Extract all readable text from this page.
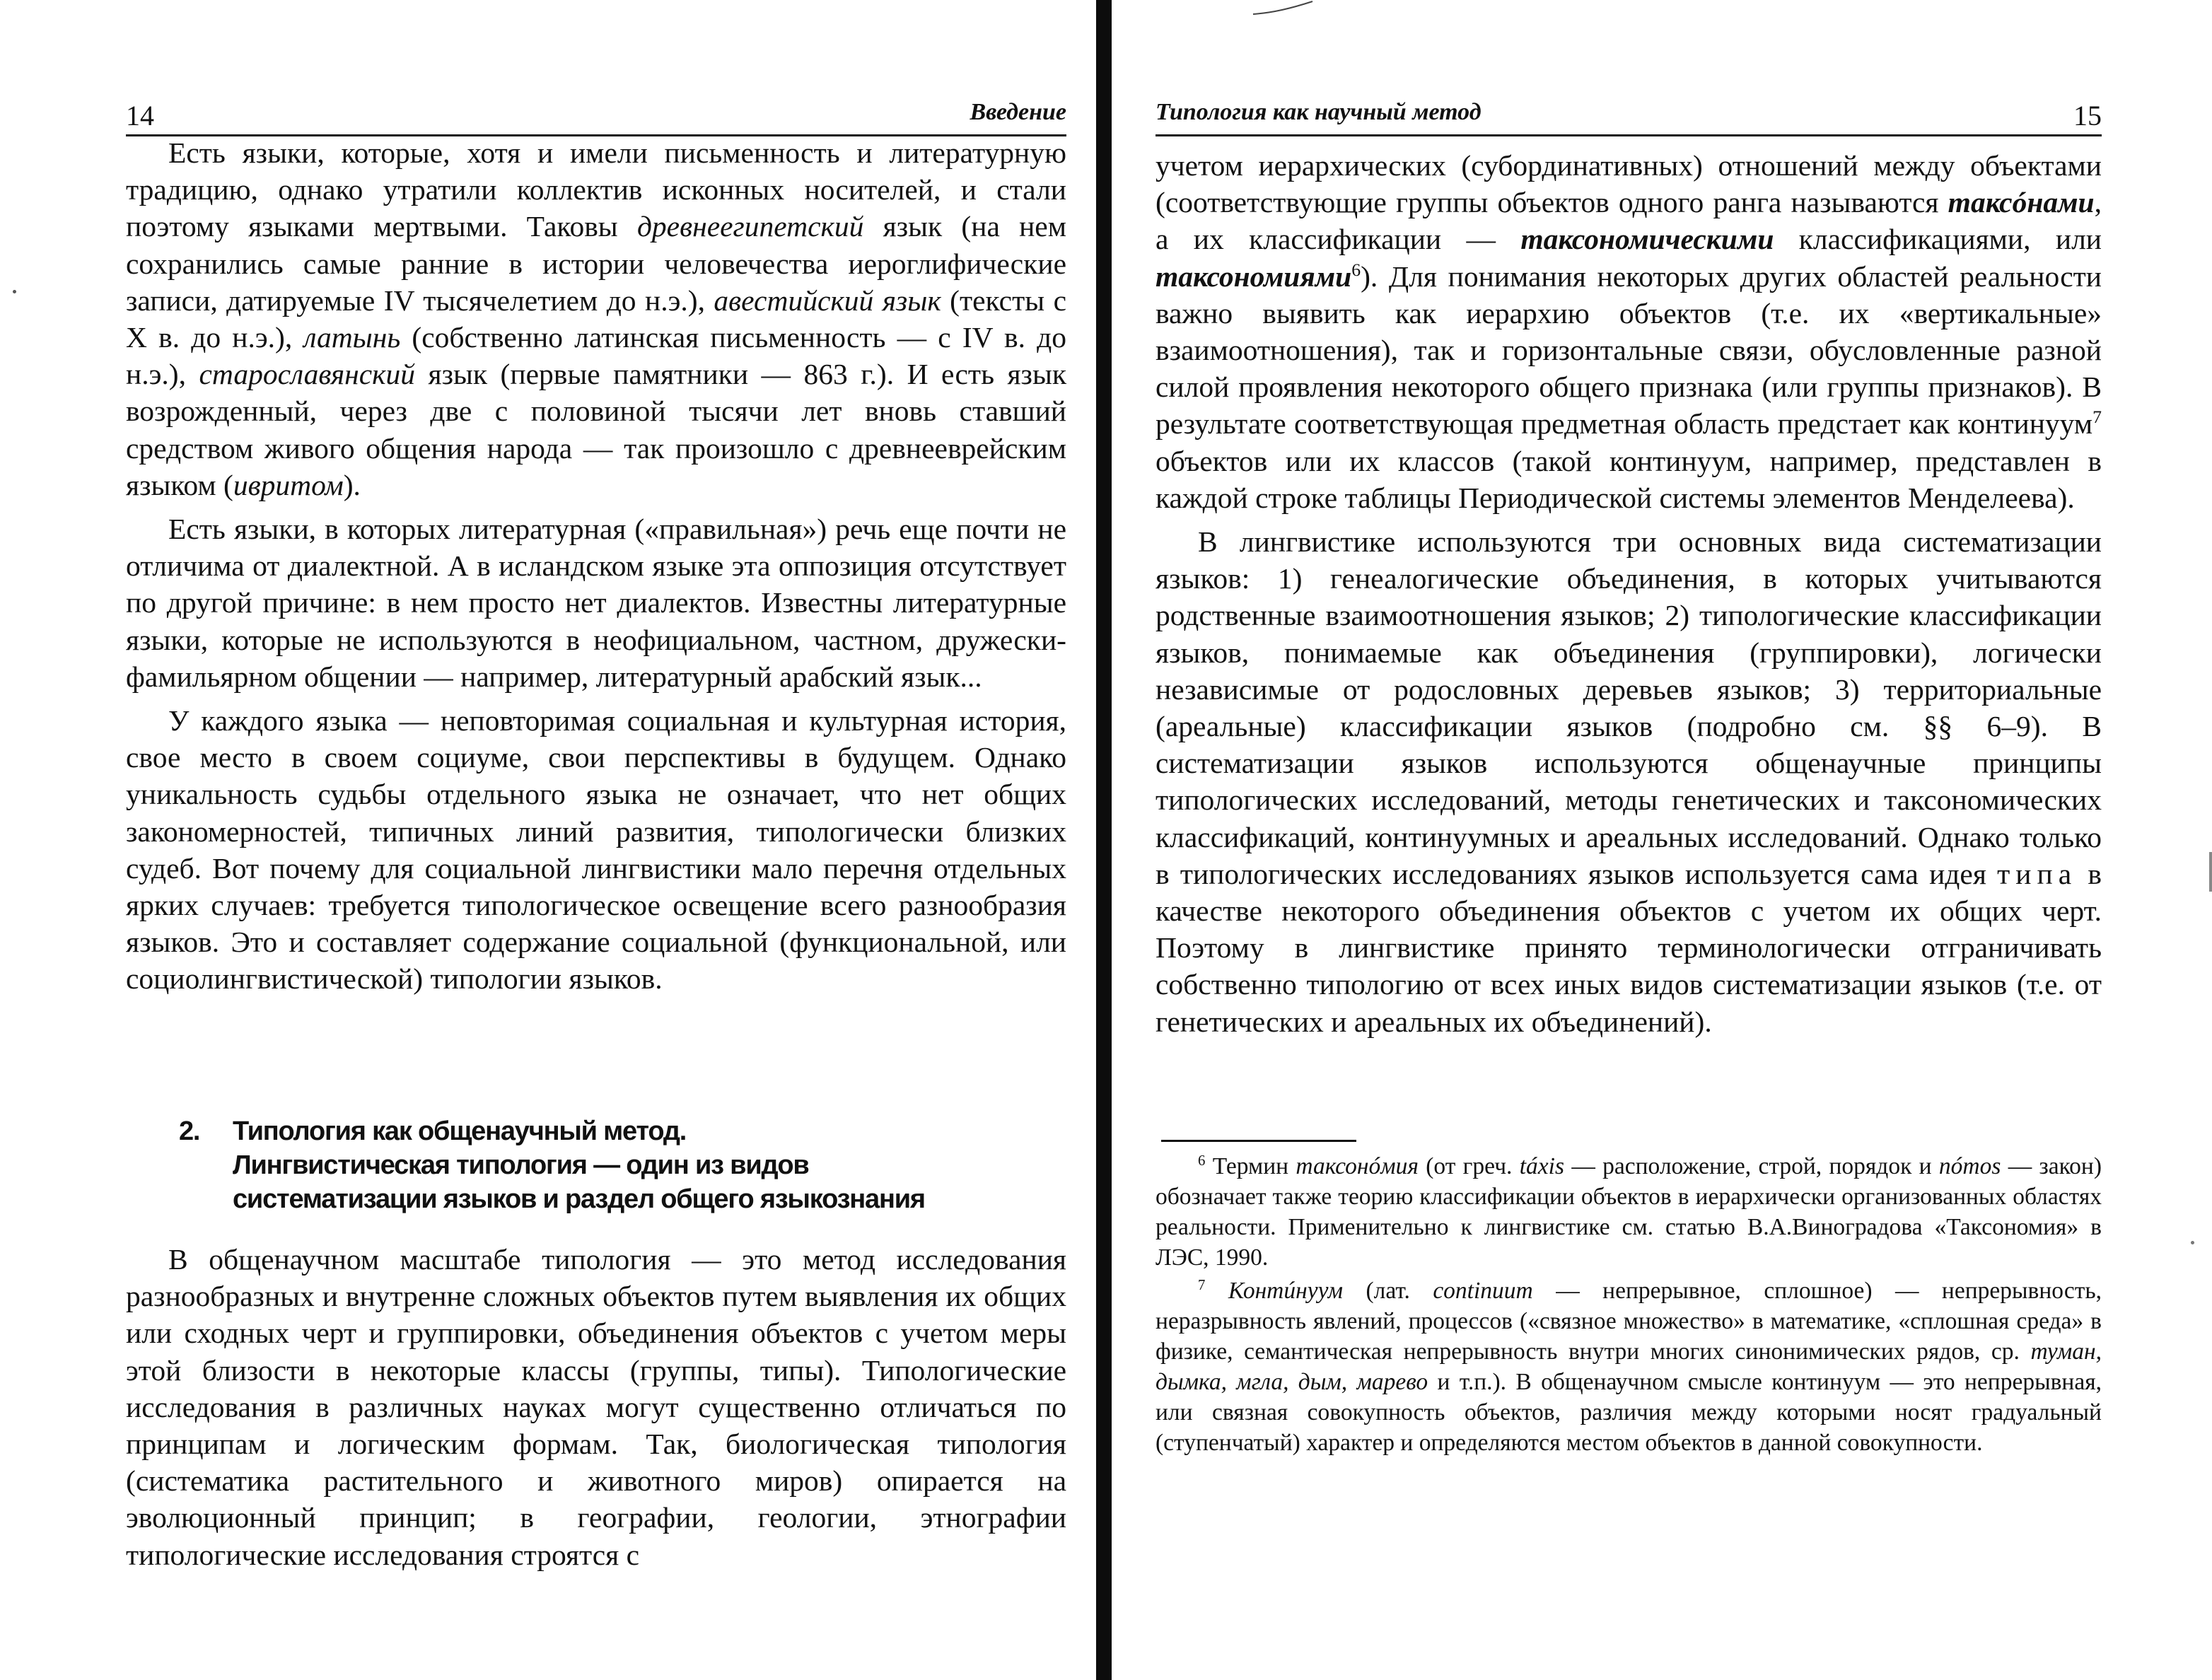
14	Введение

Есть языки, которые, хотя и имели письменность и литературную традицию, однако утратили коллектив исконных носителей, и стали поэтому языками мертвыми. Таковы древнеегипетский язык (на нем сохранились самые ранние в истории человечества иероглифические записи, датируемые IV тысячелетием до н.э.), авестийский язык (тексты с X в. до н.э.), латынь (собственно латинская письменность — с IV в. до н.э.), старославянский язык (первые памятники — 863 г.). И есть язык возрожденный, через две с половиной тысячи лет вновь ставший средством живого общения народа — так произошло с древнееврейским языком (ивритом).

Есть языки, в которых литературная («правильная») речь еще почти не отличима от диалектной. А в исландском языке эта оппозиция отсутствует по другой причине: в нем просто нет диалектов. Известны литературные языки, которые не используются в неофициальном, частном, дружески-фамильярном общении — например, литературный арабский язык...

У каждого языка — неповторимая социальная и культурная история, свое место в своем социуме, свои перспективы в будущем. Однако уникальность судьбы отдельного языка не означает, что нет общих закономерностей, типичных линий развития, типологически близких судеб. Вот почему для социальной лингвистики мало перечня отдельных ярких случаев: требуется типологическое освещение всего разнообразия языков. Это и составляет содержание социальной (функциональной, или социолингвистической) типологии языков.

2. Типология как общенаучный метод.
Лингвистическая типология — один из видов
систематизации языков и раздел общего языкознания

В общенаучном масштабе типология — это метод исследования разнообразных и внутренне сложных объектов путем выявления их общих или сходных черт и группировки, объединения объектов с учетом меры этой близости в некоторые классы (группы, типы). Типологические исследования в различных науках могут существенно отличаться по принципам и логическим формам. Так, биологическая типология (систематика растительного и животного миров) опирается на эволюционный принцип; в географии, геологии, этнографии типологические исследования строятся с

Типология как научный метод	15

учетом иерархических (субординативных) отношений между объектами (соответствующие группы объектов одного ранга называются таксóнами, а их классификации — таксономическими классификациями, или таксономиями$^6$). Для понимания некоторых других областей реальности важно выявить как иерархию объектов (т.е. их «вертикальные» взаимоотношения), так и горизонтальные связи, обусловленные разной силой проявления некоторого общего признака (или группы признаков). В результате соответствующая предметная область предстает как континуум$^7$ объектов или их классов (такой континуум, например, представлен в каждой строке таблицы Периодической системы элементов Менделеева).

В лингвистике используются три основных вида систематизации языков: 1) генеалогические объединения, в которых учитываются родственные взаимоотношения языков; 2) типологические классификации языков, понимаемые как объединения (группировки), логически независимые от родословных деревьев языков; 3) территориальные (ареальные) классификации языков (подробно см. §§ 6–9). В систематизации языков используются общенаучные принципы типологических исследований, методы генетических и таксономических классификаций, континуумных и ареальных исследований. Однако только в типологических исследованиях языков используется сама идея типа в качестве некоторого объединения объектов с учетом их общих черт. Поэтому в лингвистике принято терминологически отграничивать собственно типологию от всех иных видов систематизации языков (т.е. от генетических и ареальных их объединений).

$^6$ Термин таксонóмия (от греч. táxis — расположение, строй, порядок и nómos — закон) обозначает также теорию классификации объектов в иерархически организованных областях реальности. Применительно к лингвистике см. статью В.А.Виноградова «Таксономия» в ЛЭС, 1990.

$^7$ Контúнуум (лат. continuum — непрерывное, сплошное) — непрерывность, неразрывность явлений, процессов («связное множество» в математике, «сплошная среда» в физике, семантическая непрерывность внутри многих синонимических рядов, ср. туман, дымка, мгла, дым, марево и т.п.). В общенаучном смысле континуум — это непрерывная, или связная совокупность объектов, различия между которыми носят градуальный (ступенчатый) характер и определяются местом объектов в данной совокупности.
